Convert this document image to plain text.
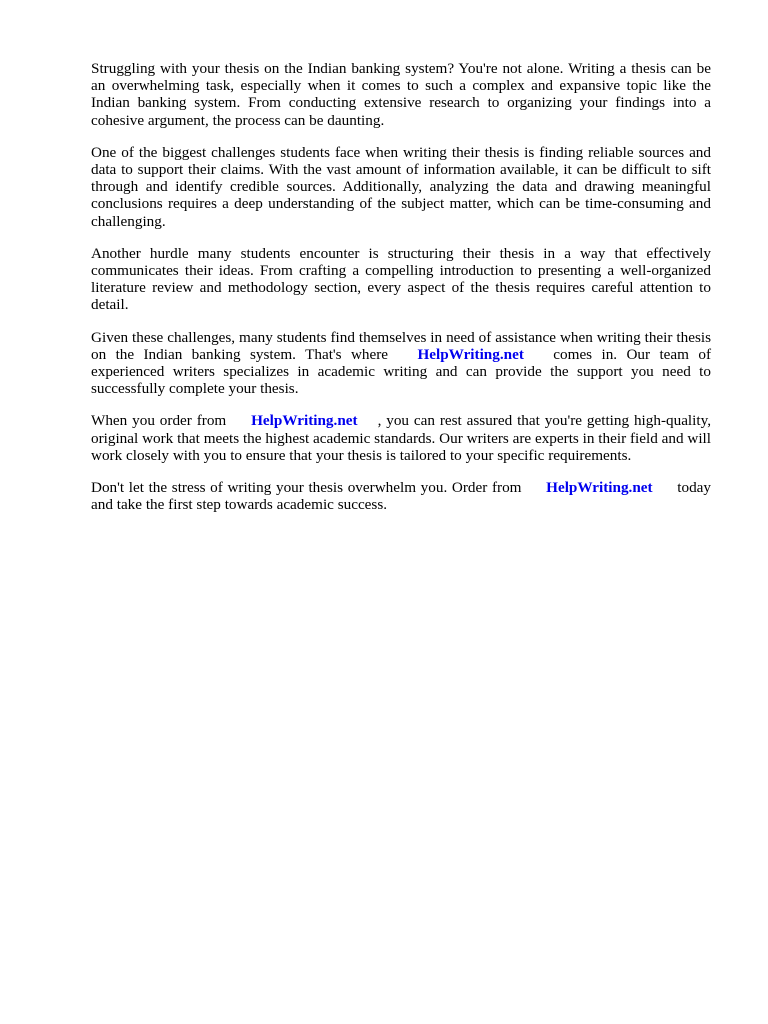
Struggling with your thesis on the Indian banking system? You're not alone. Writing a thesis can be an overwhelming task, especially when it comes to such a complex and expansive topic like the Indian banking system. From conducting extensive research to organizing your findings into a cohesive argument, the process can be daunting.

One of the biggest challenges students face when writing their thesis is finding reliable sources and data to support their claims. With the vast amount of information available, it can be difficult to sift through and identify credible sources. Additionally, analyzing the data and drawing meaningful conclusions requires a deep understanding of the subject matter, which can be time-consuming and challenging.

Another hurdle many students encounter is structuring their thesis in a way that effectively communicates their ideas. From crafting a compelling introduction to presenting a well-organized literature review and methodology section, every aspect of the thesis requires careful attention to detail.

Given these challenges, many students find themselves in need of assistance when writing their thesis on the Indian banking system. That's where HelpWriting.net comes in. Our team of experienced writers specializes in academic writing and can provide the support you need to successfully complete your thesis.

When you order from HelpWriting.net , you can rest assured that you're getting high-quality, original work that meets the highest academic standards. Our writers are experts in their field and will work closely with you to ensure that your thesis is tailored to your specific requirements.

Don't let the stress of writing your thesis overwhelm you. Order from HelpWriting.net today and take the first step towards academic success.
